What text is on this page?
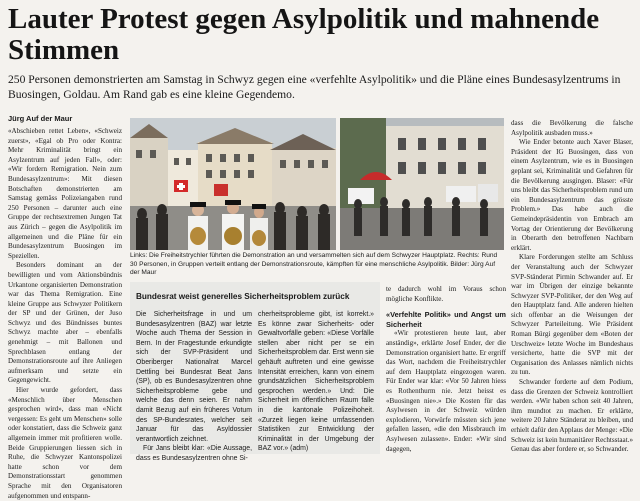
Lauter Protest gegen Asylpolitik und mahnende Stimmen

250 Personen demonstrierten am Samstag in Schwyz gegen eine «verfehlte Asylpolitik» und die Pläne eines Bundesasylzentrums in Buosingen, Goldau. Am Rand gab es eine kleine Gegendemo.

Jürg Auf der Maur

«Abschieben rettet Leben», «Schweiz zuerst», «Egal ob Pro oder Kontra: Mehr Kriminalität bringt ein Asylzentrum auf jeden Fall», oder: «Wir fordern Remigration. Nein zum Bundesasylzentrum»: Mit diesen Botschaften demonstrierten am Samstag gemäss Polizeiangaben rund 250 Personen – darunter auch eine Gruppe der rechtsextremen Jungen Tat aus Zürich – gegen die Asylpolitik im allgemeinen und die Pläne für ein Bundesasylzentrum Buosingen im Speziellen.

Besonders dominant an der bewilligten und vom Aktionsbündnis Urkantone organisierten Demonstration war das Thema Remigration. Eine kleine Gruppe aus Schwyzer Politikern der SP und der Grünen, der Juso Schwyz und des Bündnisses buntes Schwyz machte aber – ebenfalls genehmigt – mit Ballonen und Sprechblasen entlang der Demonstrationsroute auf ihre Anliegen aufmerksam und setzte ein Gegengewicht.

Hier wurde gefordert, dass «Menschlich über Menschen gesprochen wird», dass man «Nicht vergessen: Es geht um Menschen» solle oder konstatiert, dass die Schweiz ganz allgemein immer mit profitieren wolle. Beide Gruppierungen liessen sich in Ruhe, die Schwyzer Kantonspolizei hatte schon vor dem Demonstrationsstart genommen Sprache mit den Organisatoren aufgenommen und entspann-

Links: Die Freiheitstrychler führten die Demonstration an und versammelten sich auf dem Schwyzer Hauptplatz. Rechts: Rund 30 Personen, in Gruppen verteilt entlang der Demonstrationsroute, kämpften für eine menschliche Asylpolitik. Bilder: Jürg Auf der Maur

Bundesrat weist generelles Sicherheitsproblem zurück

Die Sicherheitsfrage in und um Bundesasylzentren (BAZ) war letzte Woche auch Thema der Session in Bern. In der Fragestunde erkundigte sich der SVP-Präsident und Oberiberger Nationalrat Marcel Dettling bei Bundesrat Beat Jans (SP), ob es Bundesasylzentren ohne Sicherheitsprobleme gebe und welche das denn seien. Er nahm damit Bezug auf ein früheres Votum des SP-Bundesrates, welcher seit Januar für das Asyldossier verantwortlich zeichnet.

Für Jans bleibt klar: «Die Aussage, dass es Bundesasylzentren ohne Si-

cherheitsprobleme gibt, ist korrekt.» Es könne zwar Sicherheits- oder Gewaltvorfälle geben: «Diese Vorfälle stellen aber nicht per se ein Sicherheitsproblem dar. Erst wenn sie gehäuft auftreten und eine gewisse Intensität erreichen, kann von einem grundsätzlichen Sicherheitsproblem gesprochen werden.» Und: Die Sicherheit im öffentlichen Raum falle in die kantonale Polizeihoheit. «Zurzeit liegen keine umfassenden Statistiken zur Entwicklung der Kriminalität in der Umgebung der BAZ vor.» (adm)

te dadurch wohl im Voraus schon mögliche Konflikte.

«Verfehlte Politik» und Angst um Sicherheit

«Wir protestieren heute laut, aber anständig», erklärte Josef Ender, der die Demonstration organisiert hatte. Er ergriff das Wort, nachdem die Freiheitstrychler auf dem Hauptplatz eingezogen waren. Für Ender war klar: «Vor 50 Jahren hiess es Rothenthurm nie. Jetzt heisst es «Buosingen nie».» Die Kosten für das Asylwesen in der Schweiz würden explodieren, Vorwürfe müssten sich jene gefallen lassen, «die den Missbrauch im Asylwesen zulassen». Ender: «Wir sind dagegen,

dass die Bevölkerung die falsche Asylpolitik ausbaden muss.»

Wie Ender betonte auch Xaver Blaser, Präsident der IG Buosingen, dass von einem Asylzentrum, wie es in Buosingen geplant sei, Kriminalität und Gefahren für die Bevölkerung ausgingen. Blaser: «Für uns bleibt das Sicherheitsproblem rund um ein Bundesasylzentrum das grösste Problem.» Das habe auch die Gemeindepräsidentin von Embrach am Vortag der Orientierung der Bevölkerung in Oberarth den betroffenen Nachbarn erklärt.

Klare Forderungen stellte am Schluss der Veranstaltung auch der Schwyzer SVP-Ständerat Pirmin Schwander auf. Er war im Übrigen der einzige bekannte Schwyzer SVP-Politiker, der den Weg auf den Hauptplatz fand. Alle anderen hielten sich offenbar an die Weisungen der Schwyzer Parteileitung. Wie Präsident Roman Bürgi gegenüber dem «Boten der Urschweiz» letzte Woche im Bundeshaus versicherte, hatte die SVP mit der Organisation des Anlasses nämlich nichts zu tun.

Schwander forderte auf dem Podium, dass die Grenzen der Schweiz kontrolliert werden. «Wir haben schon seit 40 Jahren, ihm mundtot zu machen. Er erklärte, weitere 20 Jahre Ständerat zu bleiben, und erhielt dafür den Applaus der Menge: «Die Schweiz ist kein humanitärer Rechtsstaat.» Genau das aber fordere er, so Schwander.
